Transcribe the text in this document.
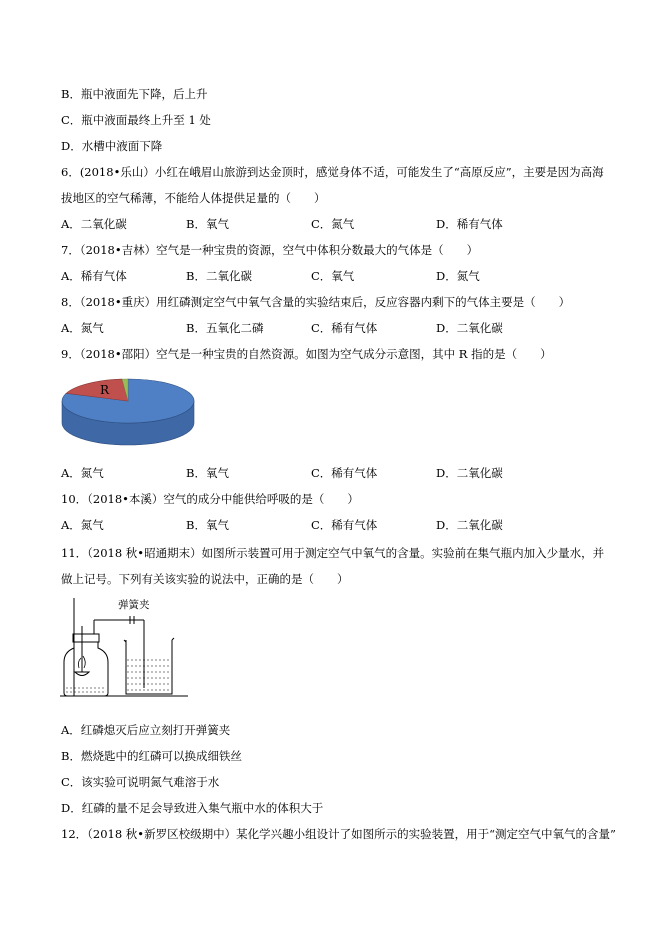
B．瓶中液面先下降，后上升
C．瓶中液面最终上升至 1 处
D．水槽中液面下降
6．(2018•乐山）小红在峨眉山旅游到达金顶时，感觉身体不适，可能发生了“高原反应”，主要是因为高海
拔地区的空气稀薄，不能给人体提供足量的（　　）
A．二氧化碳	B．氧气	C．氮气	D．稀有气体
7．（2018•吉林）空气是一种宝贵的资源，空气中体积分数最大的气体是（　　）
A．稀有气体	B．二氧化碳	C．氧气	D．氮气
8．（2018•重庆）用红磷测定空气中氧气含量的实验结束后，反应容器内剩下的气体主要是（　　）
A．氮气	B．五氧化二磷	C．稀有气体	D．二氧化碳
9．（2018•邵阳）空气是一种宝贵的自然资源。如图为空气成分示意图，其中 R 指的是（　　）
R
A．氮气	B．氧气	C．稀有气体	D．二氧化碳
10．（2018•本溪）空气的成分中能供给呼吸的是（　　）
A．氮气	B．氧气	C．稀有气体	D．二氧化碳
11．（2018 秋•昭通期末）如图所示装置可用于测定空气中氧气的含量。实验前在集气瓶内加入少量水，并
做上记号。下列有关该实验的说法中，正确的是（　　）
弹簧夹
A．红磷熄灭后应立刻打开弹簧夹
B．燃烧匙中的红磷可以换成细铁丝
C．该实验可说明氮气难溶于水
D．红磷的量不足会导致进入集气瓶中水的体积大于
12．（2018 秋•新罗区校级期中）某化学兴趣小组设计了如图所示的实验装置，用于“测定空气中氧气的含量”
